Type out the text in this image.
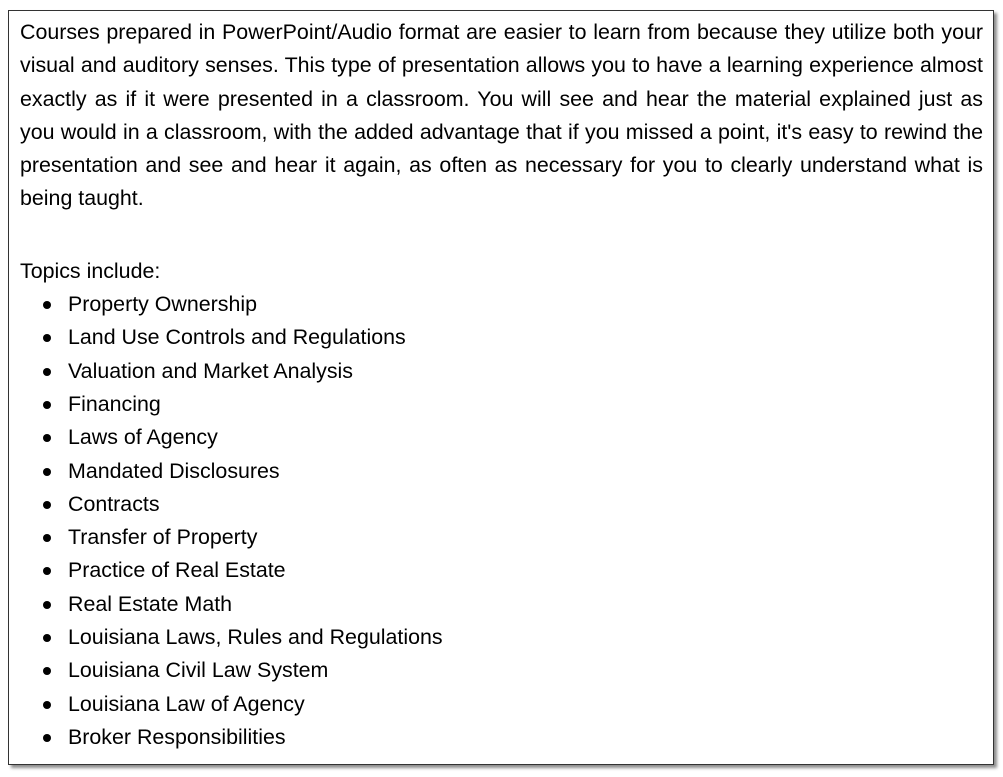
Courses prepared in PowerPoint/Audio format are easier to learn from because they utilize both your visual and auditory senses. This type of presentation allows you to have a learning experience almost exactly as if it were presented in a classroom. You will see and hear the material explained just as you would in a classroom, with the added advantage that if you missed a point, it's easy to rewind the presentation and see and hear it again, as often as necessary for you to clearly understand what is being taught.

Topics include:
Property Ownership
Land Use Controls and Regulations
Valuation and Market Analysis
Financing
Laws of Agency
Mandated Disclosures
Contracts
Transfer of Property
Practice of Real Estate
Real Estate Math
Louisiana Laws, Rules and Regulations
Louisiana Civil Law System
Louisiana Law of Agency
Broker Responsibilities
